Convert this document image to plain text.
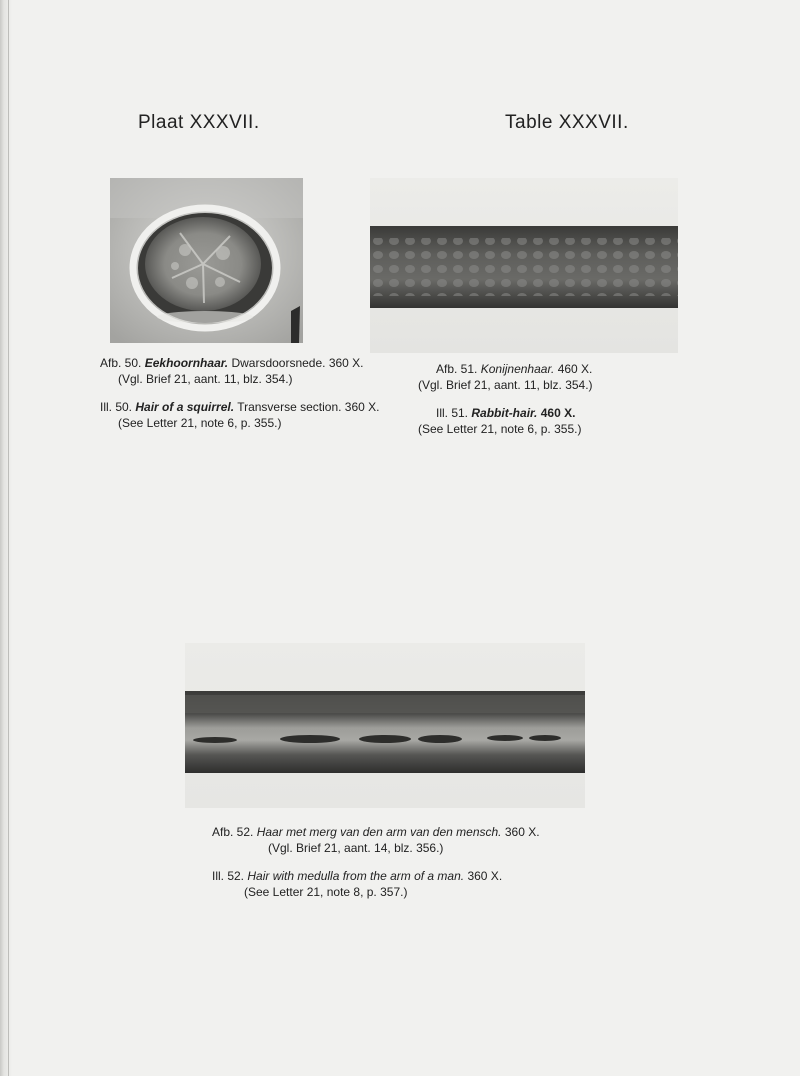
Plaat XXXVII.	Table XXXVII.
Afb. 50. Eekhoornhaar. Dwarsdoorsnede. 360 X.
(Vgl. Brief 21, aant. 11, blz. 354.)
Ill. 50. Hair of a squirrel. Transverse section. 360 X.
(See Letter 21, note 6, p. 355.)
Afb. 51. Konijnenhaar. 460 X.
(Vgl. Brief 21, aant. 11, blz. 354.)
Ill. 51. Rabbit-hair. 460 X.
(See Letter 21, note 6, p. 355.)
Afb. 52. Haar met merg van den arm van den mensch. 360 X.
(Vgl. Brief 21, aant. 14, blz. 356.)
Ill. 52. Hair with medulla from the arm of a man. 360 X.
(See Letter 21, note 8, p. 357.)
